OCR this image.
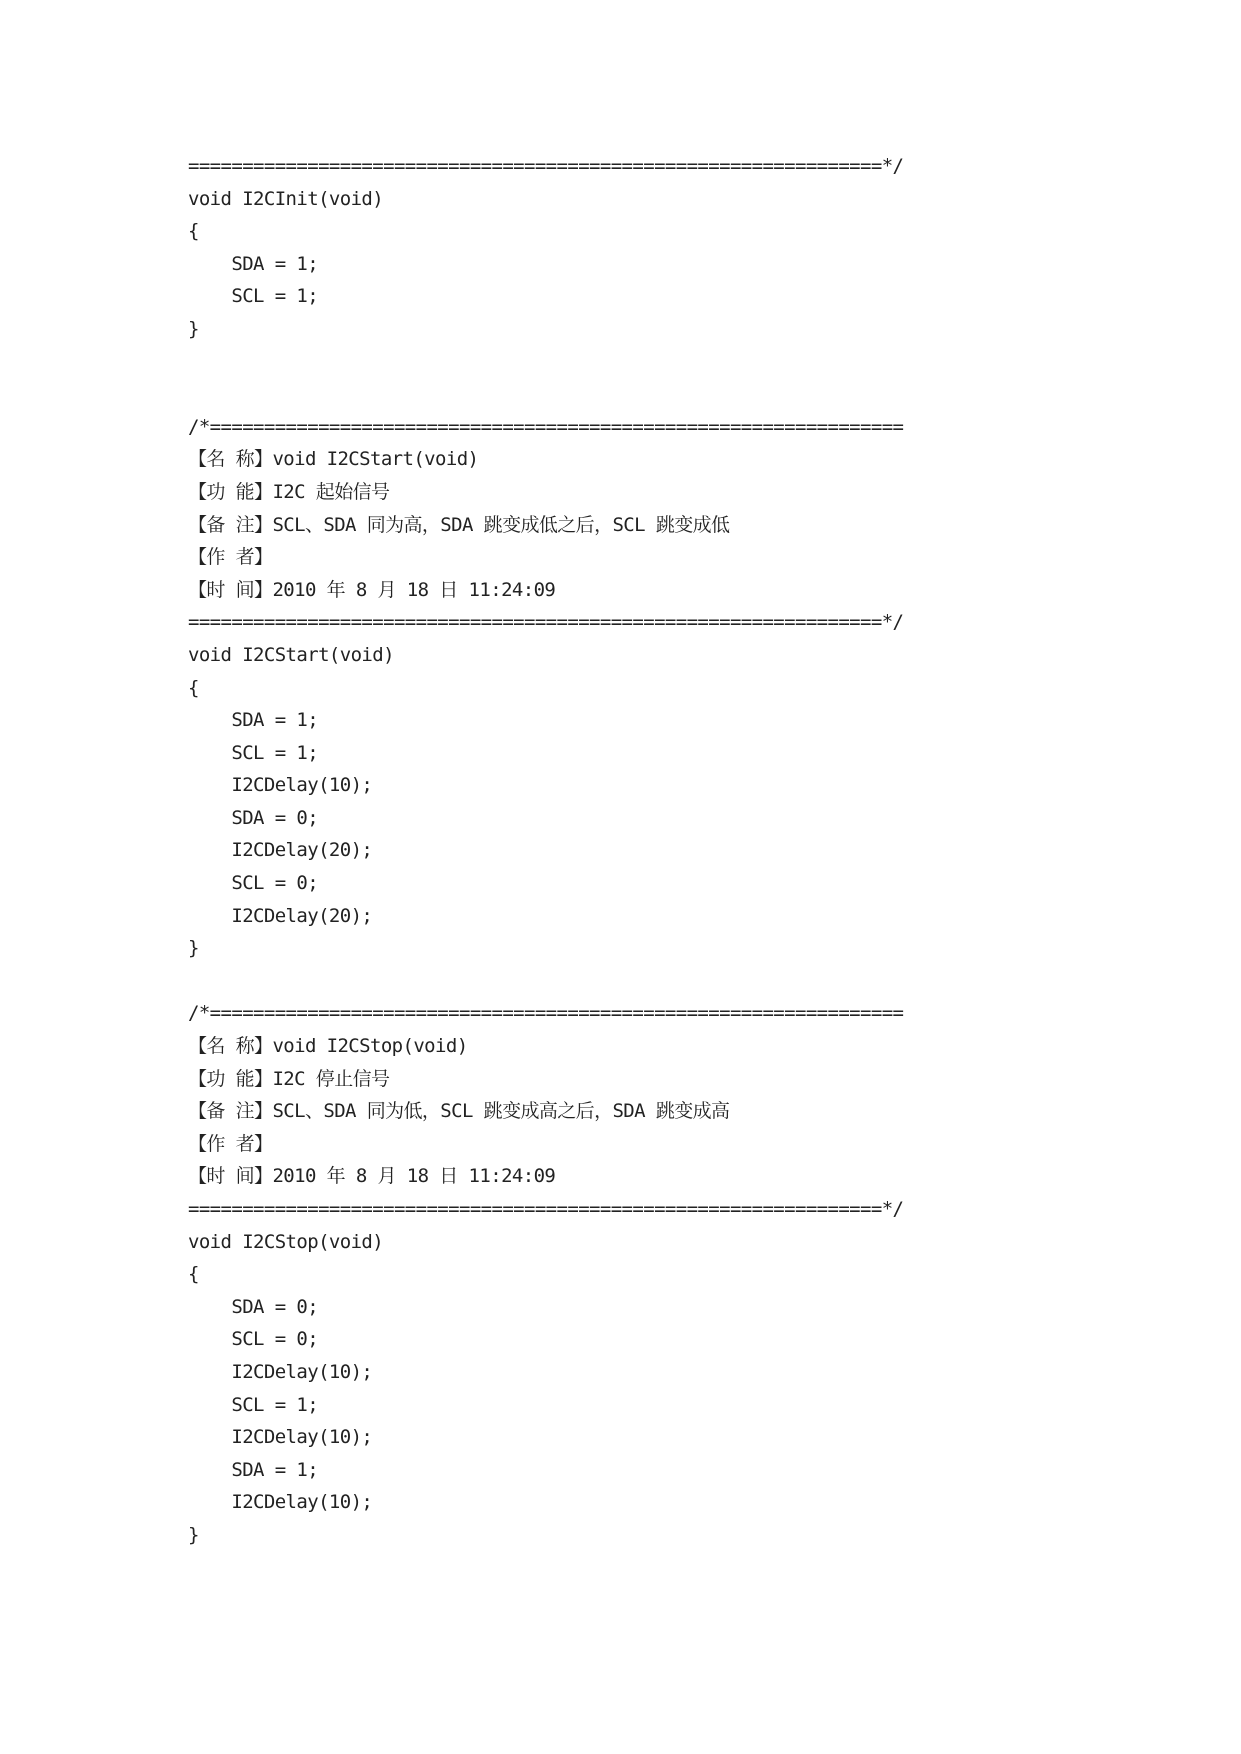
================================================================*/
void I2CInit(void)
{
SDA = 1;
SCL = 1;
}
/*================================================================
【名 称】void I2CStart(void)
【功 能】I2C 起始信号
【备 注】SCL、SDA 同为高，SDA 跳变成低之后，SCL 跳变成低
【作 者】
【时 间】2010 年 8 月 18 日 11:24:09
================================================================*/
void I2CStart(void)
{
SDA = 1;
SCL = 1;
I2CDelay(10);
SDA = 0;
I2CDelay(20);
SCL = 0;
I2CDelay(20);
}
/*================================================================
【名 称】void I2CStop(void)
【功 能】I2C 停止信号
【备 注】SCL、SDA 同为低，SCL 跳变成高之后，SDA 跳变成高
【作 者】
【时 间】2010 年 8 月 18 日 11:24:09
================================================================*/
void I2CStop(void)
{
SDA = 0;
SCL = 0;
I2CDelay(10);
SCL = 1;
I2CDelay(10);
SDA = 1;
I2CDelay(10);
}
